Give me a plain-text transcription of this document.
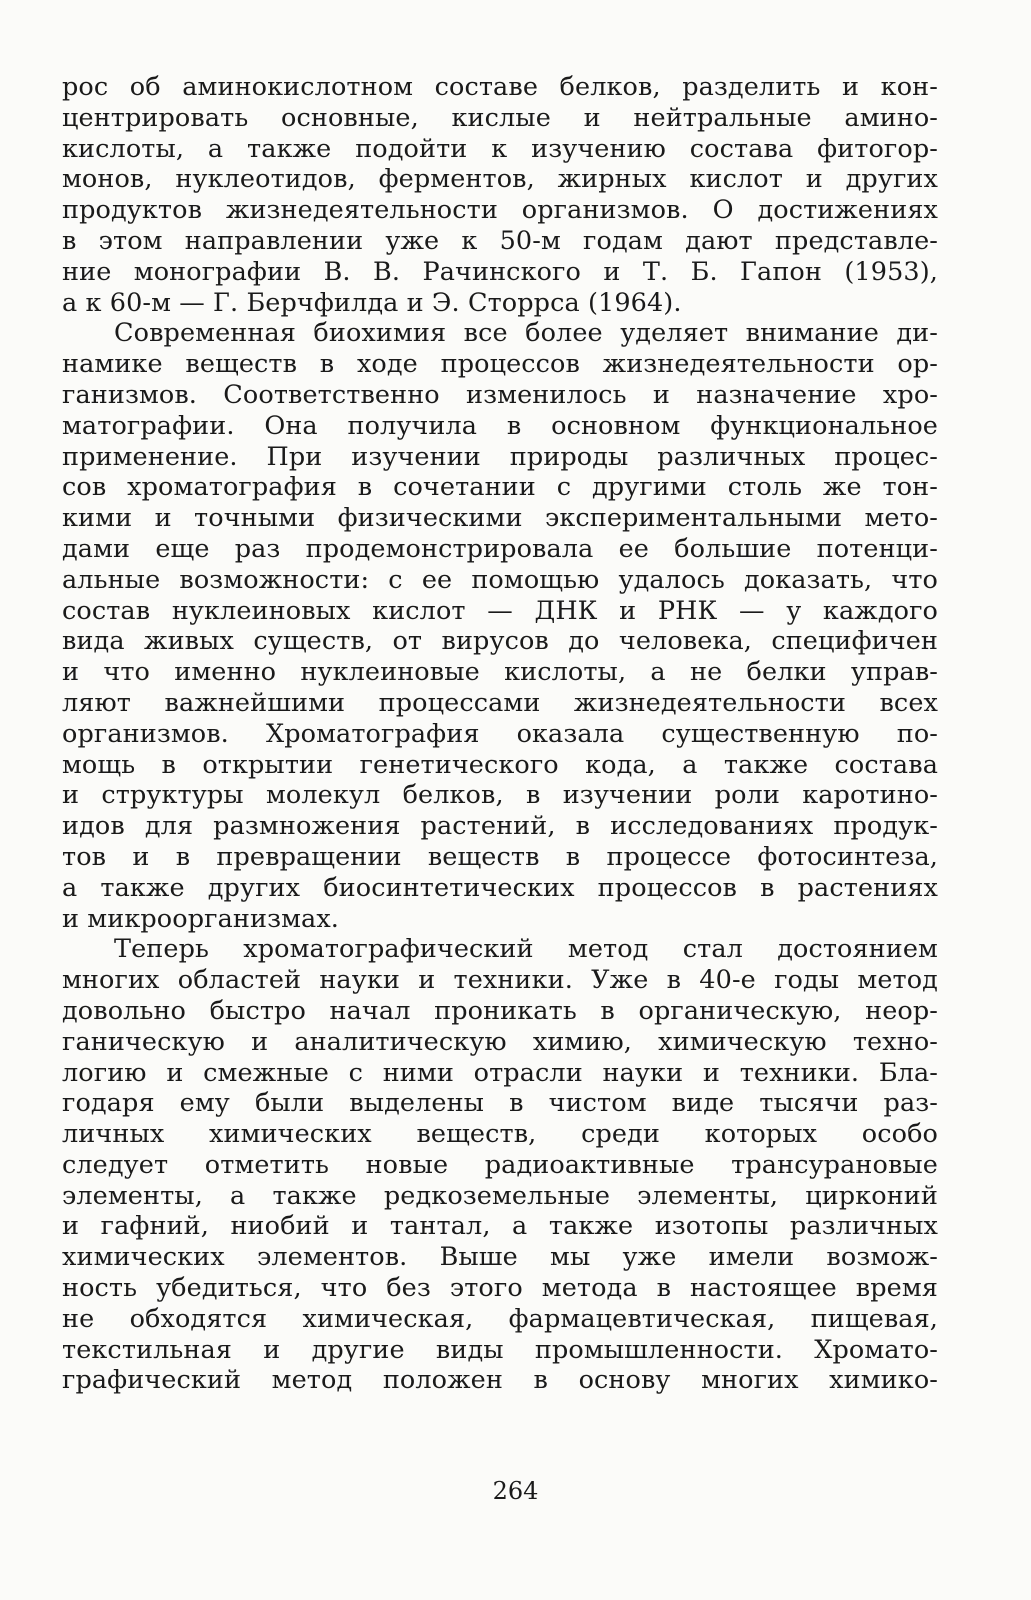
рос об аминокислотном составе белков, разделить и кон-
центрировать основные, кислые и нейтральные амино-
кислоты, а также подойти к изучению состава фитогор-
монов, нуклеотидов, ферментов, жирных кислот и других
продуктов жизнедеятельности организмов. О достижениях
в этом направлении уже к 50-м годам дают представле-
ние монографии В. В. Рачинского и Т. Б. Гапон (1953),
а к 60-м — Г. Берчфилда и Э. Сторрса (1964).
Современная биохимия все более уделяет внимание ди-
намике веществ в ходе процессов жизнедеятельности ор-
ганизмов. Соответственно изменилось и назначение хро-
матографии. Она получила в основном функциональное
применение. При изучении природы различных процес-
сов хроматография в сочетании с другими столь же тон-
кими и точными физическими экспериментальными мето-
дами еще раз продемонстрировала ее большие потенци-
альные возможности: с ее помощью удалось доказать, что
состав нуклеиновых кислот — ДНК и РНК — у каждого
вида живых существ, от вирусов до человека, специфичен
и что именно нуклеиновые кислоты, а не белки управ-
ляют важнейшими процессами жизнедеятельности всех
организмов. Хроматография оказала существенную по-
мощь в открытии генетического кода, а также состава
и структуры молекул белков, в изучении роли каротино-
идов для размножения растений, в исследованиях продук-
тов и в превращении веществ в процессе фотосинтеза,
а также других биосинтетических процессов в растениях
и микроорганизмах.
Теперь хроматографический метод стал достоянием
многих областей науки и техники. Уже в 40-е годы метод
довольно быстро начал проникать в органическую, неор-
ганическую и аналитическую химию, химическую техно-
логию и смежные с ними отрасли науки и техники. Бла-
годаря ему были выделены в чистом виде тысячи раз-
личных химических веществ, среди которых особо
следует отметить новые радиоактивные трансурановые
элементы, а также редкоземельные элементы, цирконий
и гафний, ниобий и тантал, а также изотопы различных
химических элементов. Выше мы уже имели возмож-
ность убедиться, что без этого метода в настоящее время
не обходятся химическая, фармацевтическая, пищевая,
текстильная и другие виды промышленности. Хромато-
графический метод положен в основу многих химико-
264
